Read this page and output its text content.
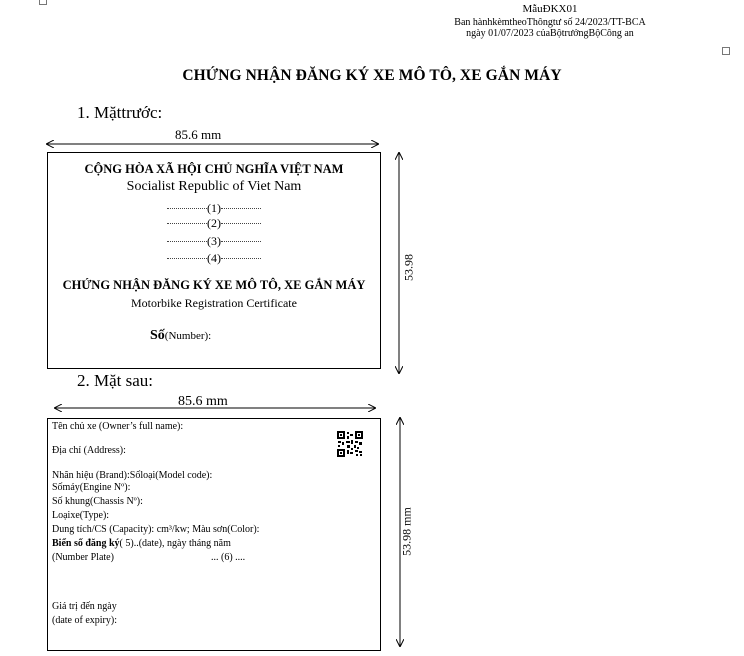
MẫuĐKX01
Ban hànhkèmtheoThôngtư số 24/2023/TT-BCA
ngày 01/07/2023 củaBộtrưởngBộCông an
CHỨNG NHẬN ĐĂNG KÝ XE MÔ TÔ, XE GẮN MÁY
1. Mặttrước:
85.6 mm
CỘNG HÒA XÃ HỘI CHỦ NGHĨA VIỆT NAM
Socialist Republic of Viet Nam
(1)
(2)
(3)
(4)
CHỨNG NHẬN ĐĂNG KÝ XE MÔ TÔ, XE GẮN MÁY
Motorbike Registration Certificate
Số(Number):
53.98
2. Mặt sau:
85.6 mm
Tên chủ xe (Owner’s full name):
Địa chỉ (Address):
Nhãn hiệu (Brand):Sốloại(Model code):
Sốmáy(Engine Nº):
Số khung(Chassis Nº):
Loạixe(Type):
Dung tích/CS (Capacity): cm³/kw; Màu sơn(Color):
Biển số đăng ký( 5)..(date), ngày tháng năm
(Number Plate)	... (6) ....
Giá trị đến ngày
(date of expiry):
53.98 mm
